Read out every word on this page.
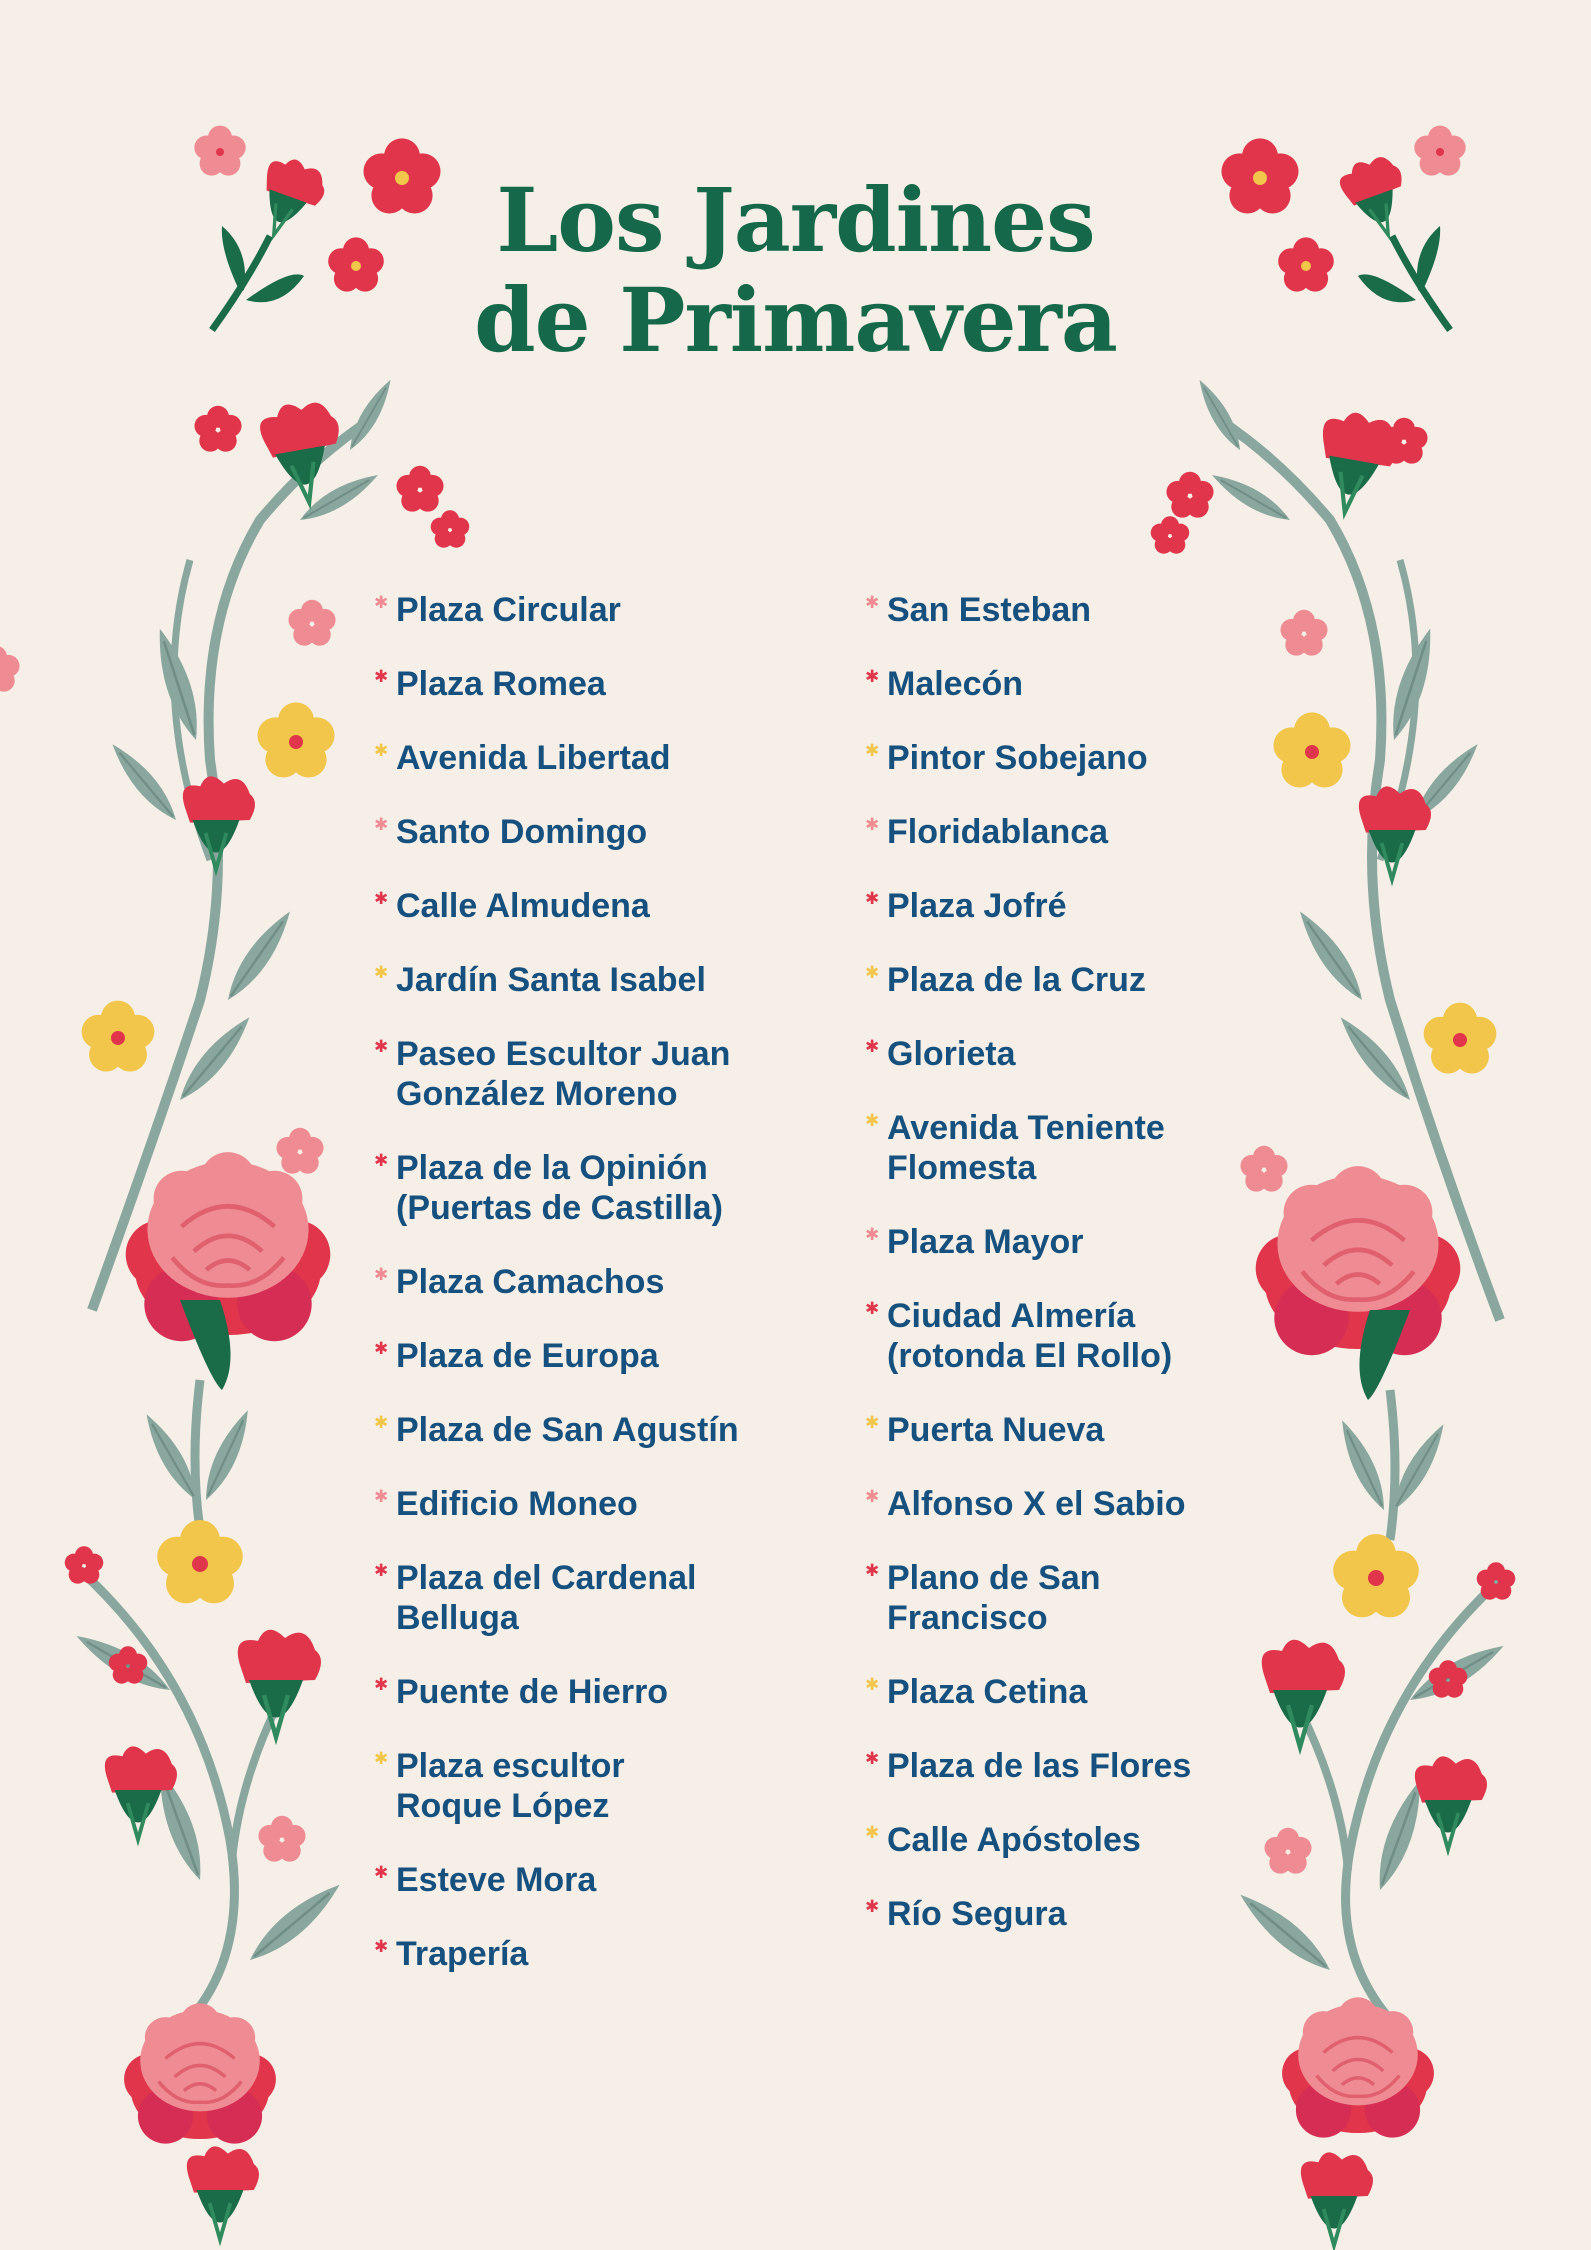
Los Jardines
de Primavera
✱ Plaza Circular
✱ Plaza Romea
✱ Avenida Libertad
✱ Santo Domingo
✱ Calle Almudena
✱ Jardín Santa Isabel
✱ Paseo Escultor Juan
González Moreno
✱ Plaza de la Opinión
(Puertas de Castilla)
✱ Plaza Camachos
✱ Plaza de Europa
✱ Plaza de San Agustín
✱ Edificio Moneo
✱ Plaza del Cardenal
Belluga
✱ Puente de Hierro
✱ Plaza escultor
Roque López
✱ Esteve Mora
✱ Trapería
✱ San Esteban
✱ Malecón
✱ Pintor Sobejano
✱ Floridablanca
✱ Plaza Jofré
✱ Plaza de la Cruz
✱ Glorieta
✱ Avenida Teniente
Flomesta
✱ Plaza Mayor
✱ Ciudad Almería
(rotonda El Rollo)
✱ Puerta Nueva
✱ Alfonso X el Sabio
✱ Plano de San
Francisco
✱ Plaza Cetina
✱ Plaza de las Flores
✱ Calle Apóstoles
✱ Río Segura
